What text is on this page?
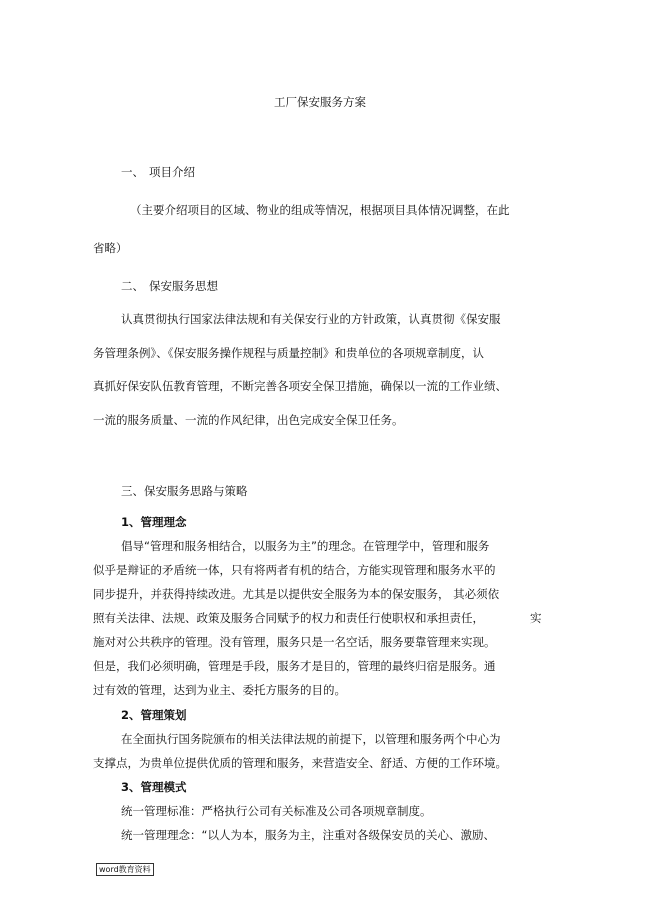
工厂保安服务方案
一、 项目介绍
（主要介绍项目的区域、物业的组成等情况，根据项目具体情况调整，在此
省略）
二、 保安服务思想
认真贯彻执行国家法律法规和有关保安行业的方针政策，认真贯彻《保安服
务管理条例》、《保安服务操作规程与质量控制》和贵单位的各项规章制度，认
真抓好保安队伍教育管理，不断完善各项安全保卫措施，确保以一流的工作业绩、
一流的服务质量、一流的作风纪律，出色完成安全保卫任务。
三、保安服务思路与策略
1、管理理念
倡导“管理和服务相结合，以服务为主”的理念。在管理学中，管理和服务
似乎是辩证的矛盾统一体，只有将两者有机的结合，方能实现管理和服务水平的
同步提升，并获得持续改进。尤其是以提供安全服务为本的保安服务， 其必须依
照有关法律、法规、政策及服务合同赋予的权力和责任行使职权和承担责任，	实
施对对公共秩序的管理。没有管理，服务只是一名空话，服务要靠管理来实现。
但是，我们必须明确，管理是手段，服务才是目的，管理的最终归宿是服务。通
过有效的管理，达到为业主、委托方服务的目的。
2、管理策划
在全面执行国务院颁布的相关法律法规的前提下，以管理和服务两个中心为
支撑点，为贵单位提供优质的管理和服务，来营造安全、舒适、方便的工作环境。
3、管理模式
统一管理标准：严格执行公司有关标准及公司各项规章制度。
统一管理理念：“以人为本，服务为主，注重对各级保安员的关心、激励、
word教育资料
